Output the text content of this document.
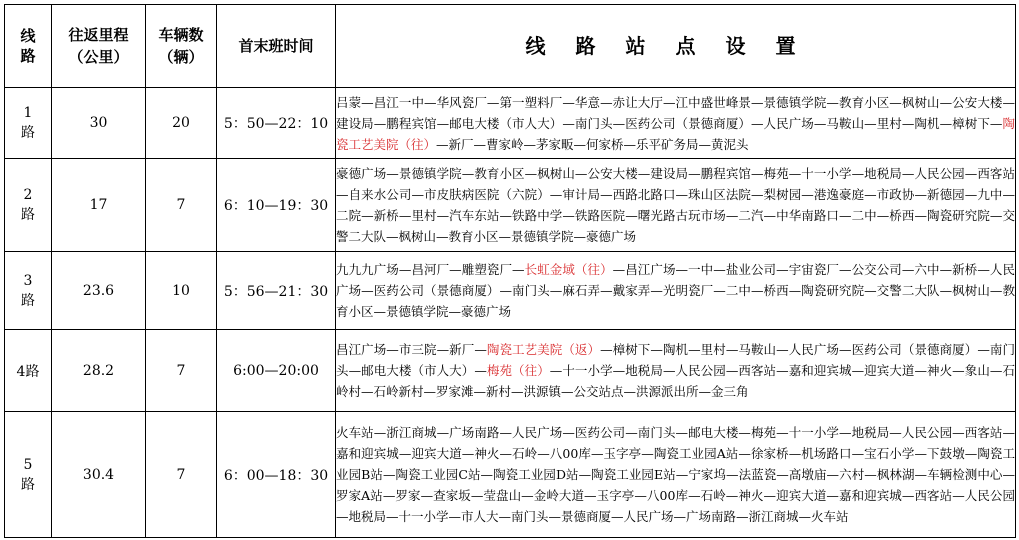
线路	往返里程（公里）	车辆数（辆）	首末班时间	线路站点设置
1路	30	20	5：50—22：10	吕蒙—昌江一中—华风瓷厂—第一塑料厂—华意—赤让大厅—江中盛世峰景—景德镇学院—教育小区—枫树山—公安大楼—建设局—鹏程宾馆—邮电大楼（市人大）—南门头—医药公司（景德商厦）—人民广场—马鞍山—里村—陶机—樟树下—陶瓷工艺美院（往）—新厂—曹家岭—茅家畈—何家桥—乐平矿务局—黄泥头
2路	17	7	6：10—19：30	豪德广场—景德镇学院—教育小区—枫树山—公安大楼—建设局—鹏程宾馆—梅苑—十一小学—地税局—人民公园—西客站—自来水公司—市皮肤病医院（六院）—审计局—西路北路口—珠山区法院—梨树园—港逸豪庭—市政协—新德园—九中—二院—新桥—里村—汽车东站—铁路中学—铁路医院—曙光路古玩市场—二汽—中华南路口—二中—桥西—陶瓷研究院—交警二大队—枫树山—教育小区—景德镇学院—豪德广场
3路	23.6	10	5：56—21：30	九九九广场—昌河厂—雕塑瓷厂—长虹金域（往）—昌江广场—一中—盐业公司—宇宙瓷厂—公交公司—六中—新桥—人民广场—医药公司（景德商厦）—南门头—麻石弄—戴家弄—光明瓷厂—二中—桥西—陶瓷研究院—交警二大队—枫树山—教育小区—景德镇学院—豪德广场
4路	28.2	7	6:00—20:00	昌江广场—市三院—新厂—陶瓷工艺美院（返）—樟树下—陶机—里村—马鞍山—人民广场—医药公司（景德商厦）—南门头—邮电大楼（市人大）—梅苑（往）—十一小学—地税局—人民公园—西客站—嘉和迎宾城—迎宾大道—神火—象山—石岭村—石岭新村—罗家滩—新村—洪源镇—公交站点—洪源派出所—金三角
5路	30.4	7	6：00—18：30	火车站—浙江商城—广场南路—人民广场—医药公司—南门头—邮电大楼—梅苑—十一小学—地税局—人民公园—西客站—嘉和迎宾城—迎宾大道—神火—石岭—八00库—玉字亭—陶瓷工业园A站—徐家桥—机场路口—宝石小学—下鼓墩—陶瓷工业园B站—陶瓷工业园C站—陶瓷工业园D站—陶瓷工业园E站—宁家坞—法蓝瓷—高墩庙—六村—枫林湖—车辆检测中心—罗家A站—罗家—查家坂—莹盘山—金岭大道—玉字亭—八00库—石岭—神火—迎宾大道—嘉和迎宾城—西客站—人民公园—地税局—十一小学—市人大—南门头—景德商厦—人民广场—广场南路—浙江商城—火车站
